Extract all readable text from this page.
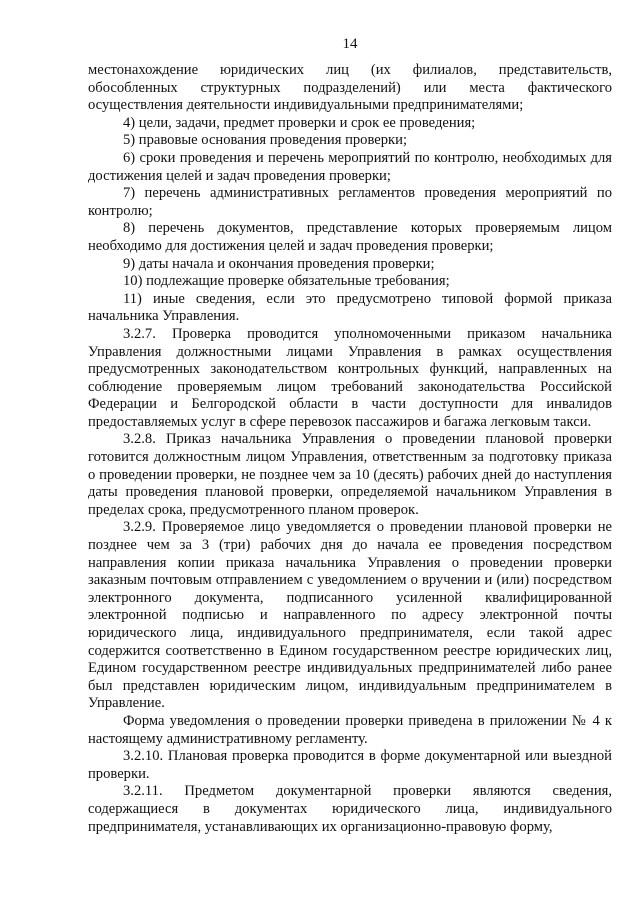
14

местонахождение юридических лиц (их филиалов, представительств, обособленных структурных подразделений) или места фактического осуществления деятельности индивидуальными предпринимателями;

4) цели, задачи, предмет проверки и срок ее проведения;

5) правовые основания проведения проверки;

6) сроки проведения и перечень мероприятий по контролю, необходимых для достижения целей и задач проведения проверки;

7) перечень административных регламентов проведения мероприятий по контролю;

8) перечень документов, представление которых проверяемым лицом необходимо для достижения целей и задач проведения проверки;

9) даты начала и окончания проведения проверки;

10) подлежащие проверке обязательные требования;

11) иные сведения, если это предусмотрено типовой формой приказа начальника Управления.

3.2.7. Проверка проводится уполномоченными приказом начальника Управления должностными лицами Управления в рамках осуществления предусмотренных законодательством контрольных функций, направленных на соблюдение проверяемым лицом требований законодательства Российской Федерации и Белгородской области в части доступности для инвалидов предоставляемых услуг в сфере перевозок пассажиров и багажа легковым такси.

3.2.8. Приказ начальника Управления о проведении плановой проверки готовится должностным лицом Управления, ответственным за подготовку приказа о проведении проверки, не позднее чем за 10 (десять) рабочих дней до наступления даты проведения плановой проверки, определяемой начальником Управления в пределах срока, предусмотренного планом проверок.

3.2.9. Проверяемое лицо уведомляется о проведении плановой проверки не позднее чем за 3 (три) рабочих дня до начала ее проведения посредством направления копии приказа начальника Управления о проведении проверки заказным почтовым отправлением с уведомлением о вручении и (или) посредством электронного документа, подписанного усиленной квалифицированной электронной подписью и направленного по адресу электронной почты юридического лица, индивидуального предпринимателя, если такой адрес содержится соответственно в Едином государственном реестре юридических лиц, Едином государственном реестре индивидуальных предпринимателей либо ранее был представлен юридическим лицом, индивидуальным предпринимателем в Управление.

Форма уведомления о проведении проверки приведена в приложении № 4 к настоящему административному регламенту.

3.2.10. Плановая проверка проводится в форме документарной или выездной проверки.

3.2.11. Предметом документарной проверки являются сведения, содержащиеся в документах юридического лица, индивидуального предпринимателя, устанавливающих их организационно-правовую форму,
